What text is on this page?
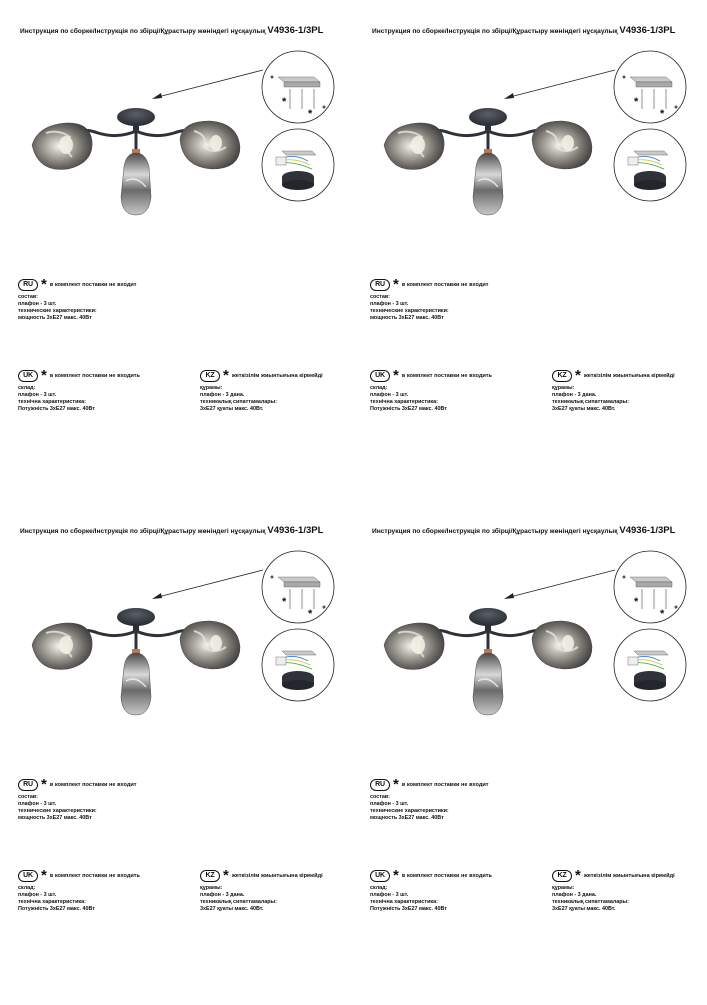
Инструкция по сборке/Інструкція по збірці/Құрастыру жөніндегі нұсқаулық V4936-1/3PL
*
*
RU * в комплект поставки не входит
состав:
плафон - 3 шт.
технические характеристики:
мощность 3хЕ27 макс. 40Вт
UK * в комплект поставки не входить
склад:
плафон - 3 шт.
технічна характеристика:
Потужність 3хЕ27 макс. 40Вт
KZ * жеткізілім жиынтығына кірмейді
құрамы:
плафон - 3 дана.
техникалық сипаттамалары:
3хЕ27 қуаты макс. 40Вт.
Инструкция по сборке/Інструкція по збірці/Құрастыру жөніндегі нұсқаулық V4936-1/3PL
*
*
RU * в комплект поставки не входит
состав:
плафон - 3 шт.
технические характеристики:
мощность 3хЕ27 макс. 40Вт
UK * в комплект поставки не входить
склад:
плафон - 3 шт.
технічна характеристика:
Потужність 3хЕ27 макс. 40Вт
KZ * жеткізілім жиынтығына кірмейді
құрамы:
плафон - 3 дана.
техникалық сипаттамалары:
3хЕ27 қуаты макс. 40Вт.
Инструкция по сборке/Інструкція по збірці/Құрастыру жөніндегі нұсқаулық V4936-1/3PL
*
*
RU * в комплект поставки не входит
состав:
плафон - 3 шт.
технические характеристики:
мощность 3хЕ27 макс. 40Вт
UK * в комплект поставки не входить
склад:
плафон - 3 шт.
технічна характеристика:
Потужність 3хЕ27 макс. 40Вт
KZ * жеткізілім жиынтығына кірмейді
құрамы:
плафон - 3 дана.
техникалық сипаттамалары:
3хЕ27 қуаты макс. 40Вт.
Инструкция по сборке/Інструкція по збірці/Құрастыру жөніндегі нұсқаулық V4936-1/3PL
*
*
RU * в комплект поставки не входит
состав:
плафон - 3 шт.
технические характеристики:
мощность 3хЕ27 макс. 40Вт
UK * в комплект поставки не входить
склад:
плафон - 3 шт.
технічна характеристика:
Потужність 3хЕ27 макс. 40Вт
KZ * жеткізілім жиынтығына кірмейді
құрамы:
плафон - 3 дана.
техникалық сипаттамалары:
3хЕ27 қуаты макс. 40Вт.
